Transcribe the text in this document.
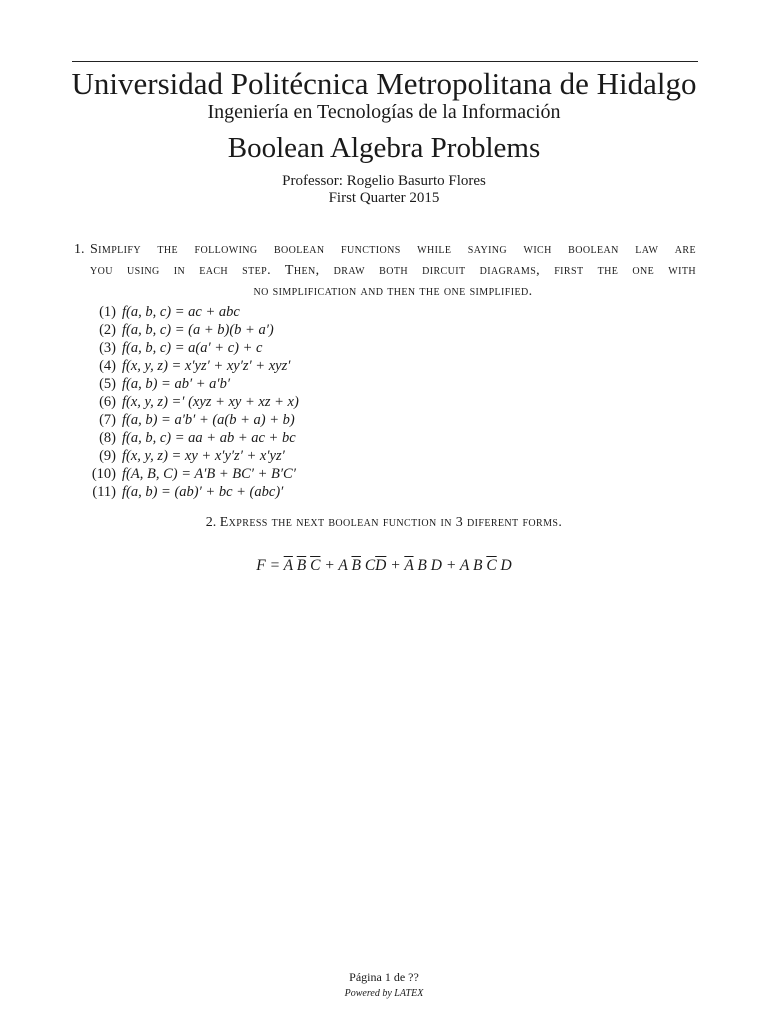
Universidad Politécnica Metropolitana de Hidalgo
Ingeniería en Tecnologías de la Información
Boolean Algebra Problems
Professor: Rogelio Basurto Flores
First Quarter 2015
1. Simplify the following boolean functions while saying wich boolean law are
you using in each step. Then, draw both dircuit diagrams, first the one with
no simplification and then the one simplified.
(1) f(a, b, c) = ac + abc
(2) f(a, b, c) = (a + b)(b + a′)
(3) f(a, b, c) = a(a′ + c) + c
(4) f(x, y, z) = x′yz′ + xy′z′ + xyz′
(5) f(a, b) = ab′ + a′b′
(6) f(x, y, z) =′ (xyz + xy + xz + x)
(7) f(a, b) = a′b′ + (a(b + a) + b)
(8) f(a, b, c) = aa + ab + ac + bc
(9) f(x, y, z) = xy + x′y′z′ + x′yz′
(10) f(A, B, C) = A′B + BC′ + B′C′
(11) f(a, b) = (ab)′ + bc + (abc)′
2. Express the next boolean function in 3 diferent forms.
$F = \overline{A}$ $\overline{B}$ $\overline{C} + A$ $\overline{B}$ $C\overline{D} + \overline{A}$ B D + A B $\overline{C}$ D
Página 1 de ??
Powered by LATEX
